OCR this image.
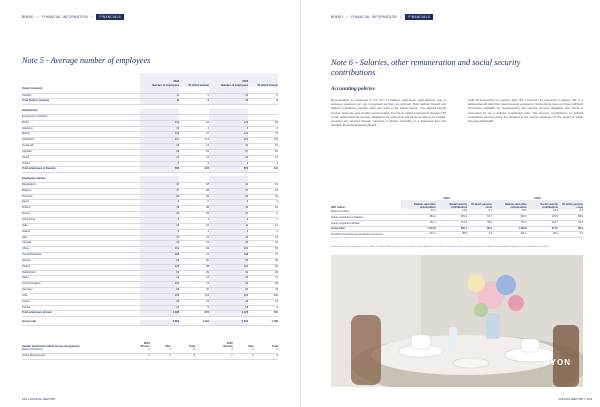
BIMBO // FINANCIAL INFORMATION //	FINANCIALS
Note 5 - Average number of employees
	2023
Number of employees	Of which women	2022
Number of employees	Of which women
Parent company				
Sweden	11	6	14	8
Total Parent company	11	6	14	8

Subsidiaries				
Employees in Sweden				
Borås	134	51	129	52
Göteborg	13	4	6	3
Malmö	136	70	141	74
Stockholm	237	171	272	175
Sundsvall	29	13	31	15
Uppsala	63	21	67	23
Umeå	14	11	10	16
Örebro	8	4	3	4
Total employees in Sweden	782	424	871	444

Employees abroad				
Bangladesh	47	18	42	19
Belgium	47	28	37	18
Denmark	99	39	93	32
Egypt	3	0	6	0
Finland	48	28	42	16
France	46	25	37	9
Hong Kong	3	1	2	1
India	16	10	11	14
Ireland	4	1	3	1
Italy	47	21	44	19
Canada	43	21	33	15
China	161	43	193	63
The Netherlands	188	72	198	76
Norway	69	36	59	30
Poland	228	98	204	84
Switzerland	99	39	92	32
Spain	29	14	22	11
United Kingdom	109	71	93	29
Germany	69	40	60	43
USA	209	134	192	106
Turkey	28	15	29	19
Austria	14	5	18	3
Total employees abroad	1 496	801	1 478	721

Group total	2 600	1 191	2 512	1 169
Gender distribution within Group management	2023
Women	Men	Total	2022
Women	Men	Total
Board of Directors	3	3	6	3	4	7
Group Management	2	6	8	2	6	8
102 // ANNUAL REPORT
BIMBO // FINANCIAL INFORMATION //	FINANCIALS
Note 6 - Salaries, other remuneration and social security contributions
Accounting policies
Remuneration to employees in the form of salaries, paid leave, paid absence due to sickness, pensions etc. are recognised as they are accrued. Both defined benefit and defined contribution pension plans are used in the Parent Group. The defined benefit pension plans are only smaller pension plans. For the so-called employee in Sweden ITP 2 plan defined benefit pension obligations for retirement and family pensions are funded, pensions are secured through insurance in Alecta. According to a statement from the Swedish Financial Reporting Board,
UFR 10 Accounting for pension plan ITP 2 financed by insurance in Alecta, this is a defined benefit plan that covers several employers. Since Alecta does not have sufficient information available for measurement, the Group's pension obligation with Alecta is accounted for as a defined contribution plan. The Group's contributions to defined contribution pension plans are charged to the income statement in the period to which they are attributable.
	2023			2022		
SEK million	Salaries and other remuneration	Social security contributions	Of which pension costs	Salaries and other remuneration	Social security contributions	Of which pension costs
Parent company	22.3	13.8	4.3	29.0	16.3	5.3
Group companies in Sweden	354.2	159.2	53.7	359.3	170.5	58.9
Group companies abroad	701.4	177.8	32.5	775.4	144.7	26.3
Group total	1 077.8	350.7	89.5	1 159.6	371.5	90.4
Of which purchasing and production personnel	211.1	48.5	3.3	211.1	48.1	2.2
Of the Parent company's pension costs, SEK 2.5 million (SEK 3.4 million) concerns the Group's Board and the CEO of the Group. Of the Group's pension costs, SEK 5.8 million (SEK 6.8 million) concerns the Boards and CEOs.
BYON
ANNUAL REPORT // 103
